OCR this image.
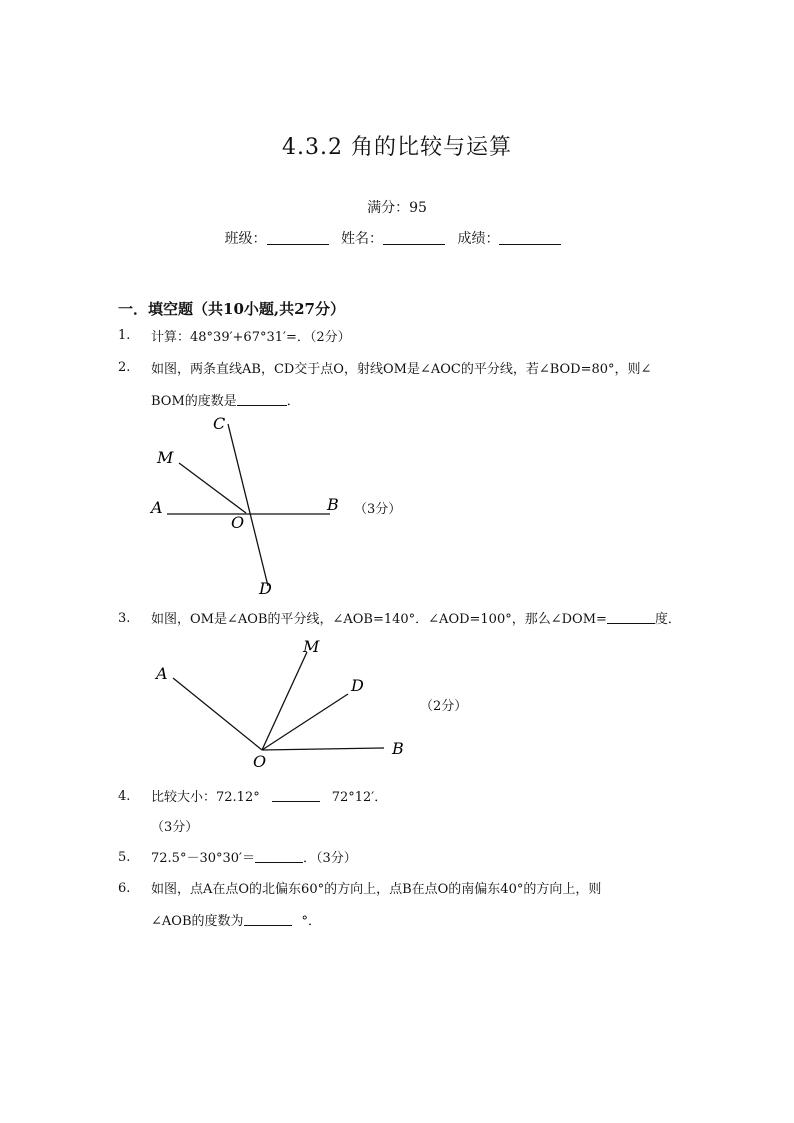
4.3.2 角的比较与运算
满分：95
班级：	姓名：	成绩：
一．填空题（共10小题,共27分）
1. 计算：48°39′+67°31′=．（2分）
2. 如图，两条直线AB，CD交于点O，射线OM是∠AOC的平分线，若∠BOD=80°，则∠
BOM的度数是	．
C
M
A
O
B
D
（3分）
3. 如图，OM是∠AOB的平分线，∠AOB=140°．∠AOD=100°，那么∠DOM=	度．
A
M
D
O
B
（2分）
4. 比较大小：72.12°	72°12′．
（3分）
5. 72.5°－30°30′＝	．（3分）
6. 如图，点A在点O的北偏东60°的方向上，点B在点O的南偏东40°的方向上，则
∠AOB的度数为	°．
